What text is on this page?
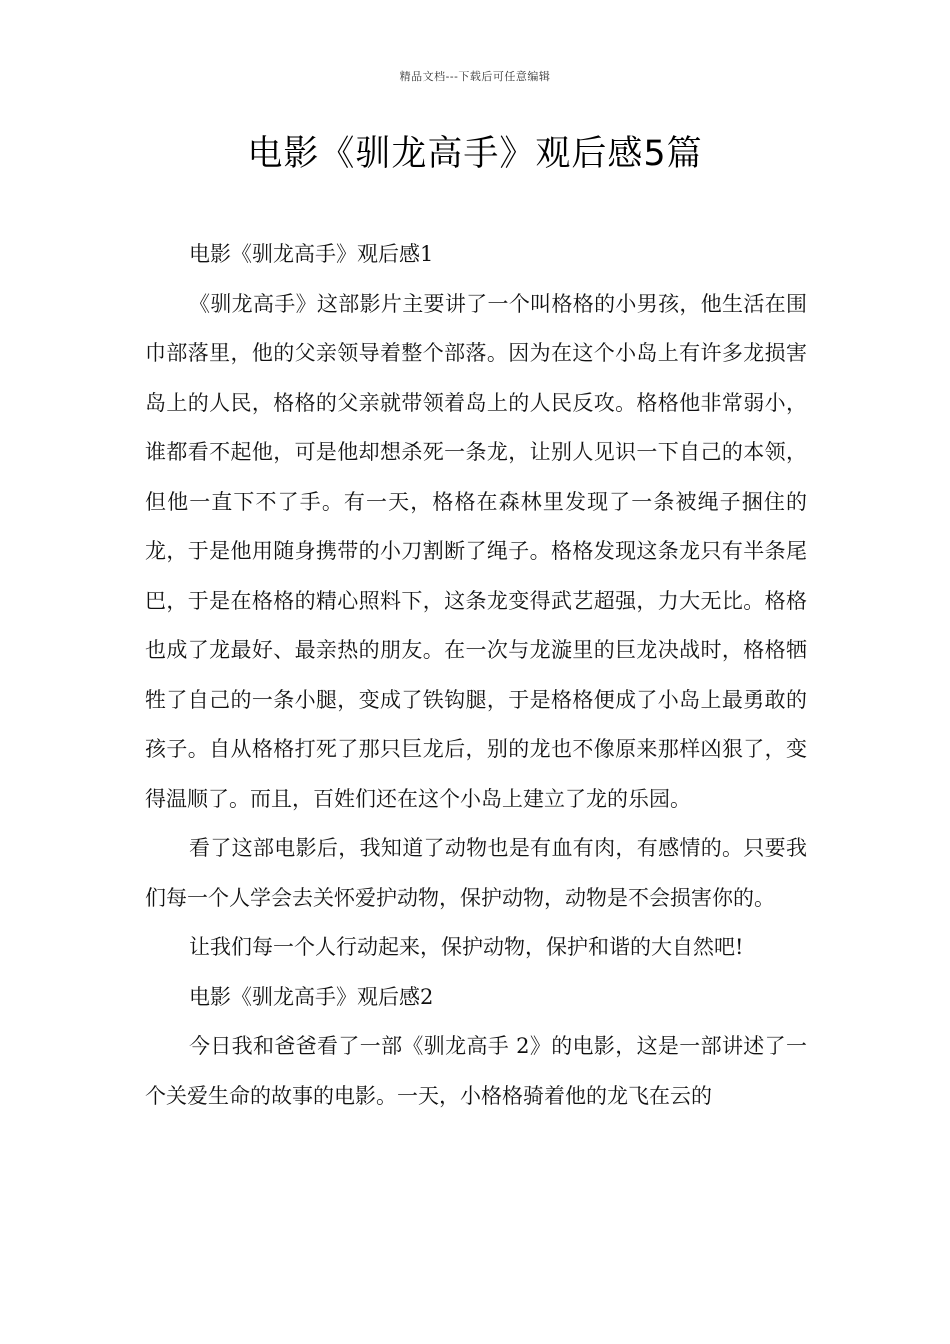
精品文档---下载后可任意编辑
电影《驯龙高手》观后感5篇

电影《驯龙高手》观后感1

《驯龙高手》这部影片主要讲了一个叫格格的小男孩，他生活在围巾部落里，他的父亲领导着整个部落。因为在这个小岛上有许多龙损害岛上的人民，格格的父亲就带领着岛上的人民反攻。格格他非常弱小，谁都看不起他，可是他却想杀死一条龙，让别人见识一下自己的本领，但他一直下不了手。有一天，格格在森林里发现了一条被绳子捆住的龙，于是他用随身携带的小刀割断了绳子。格格发现这条龙只有半条尾巴，于是在格格的精心照料下，这条龙变得武艺超强，力大无比。格格也成了龙最好、最亲热的朋友。在一次与龙漩里的巨龙决战时，格格牺牲了自己的一条小腿，变成了铁钩腿，于是格格便成了小岛上最勇敢的孩子。自从格格打死了那只巨龙后，别的龙也不像原来那样凶狠了，变得温顺了。而且，百姓们还在这个小岛上建立了龙的乐园。

看了这部电影后，我知道了动物也是有血有肉，有感情的。只要我们每一个人学会去关怀爱护动物，保护动物，动物是不会损害你的。

让我们每一个人行动起来，保护动物，保护和谐的大自然吧!

电影《驯龙高手》观后感2

今日我和爸爸看了一部《驯龙高手 2》的电影，这是一部讲述了一个关爱生命的故事的电影。一天，小格格骑着他的龙飞在云的
